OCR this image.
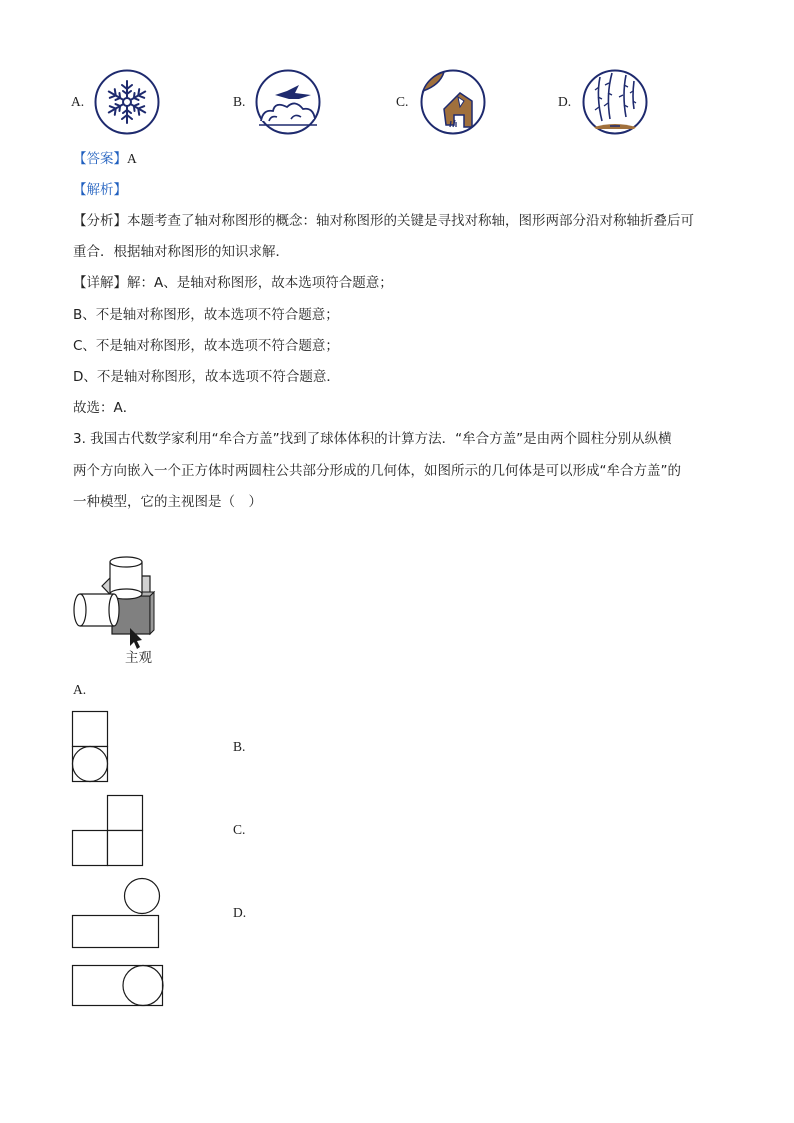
A.	B.	C.	D.
【答案】A
【解析】
【分析】本题考查了轴对称图形的概念：轴对称图形的关键是寻找对称轴，图形两部分沿对称轴折叠后可
重合．根据轴对称图形的知识求解．
【详解】解：A、是轴对称图形，故本选项符合题意；
B、不是轴对称图形，故本选项不符合题意；
C、不是轴对称图形，故本选项不符合题意；
D、不是轴对称图形，故本选项不符合题意．
故选：A．
3. 我国古代数学家利用“牟合方盖”找到了球体体积的计算方法．“牟合方盖”是由两个圆柱分别从纵横
两个方向嵌入一个正方体时两圆柱公共部分形成的几何体，如图所示的几何体是可以形成“牟合方盖”的
一种模型，它的主视图是（　）
主观
A.
B.
C.
D.
